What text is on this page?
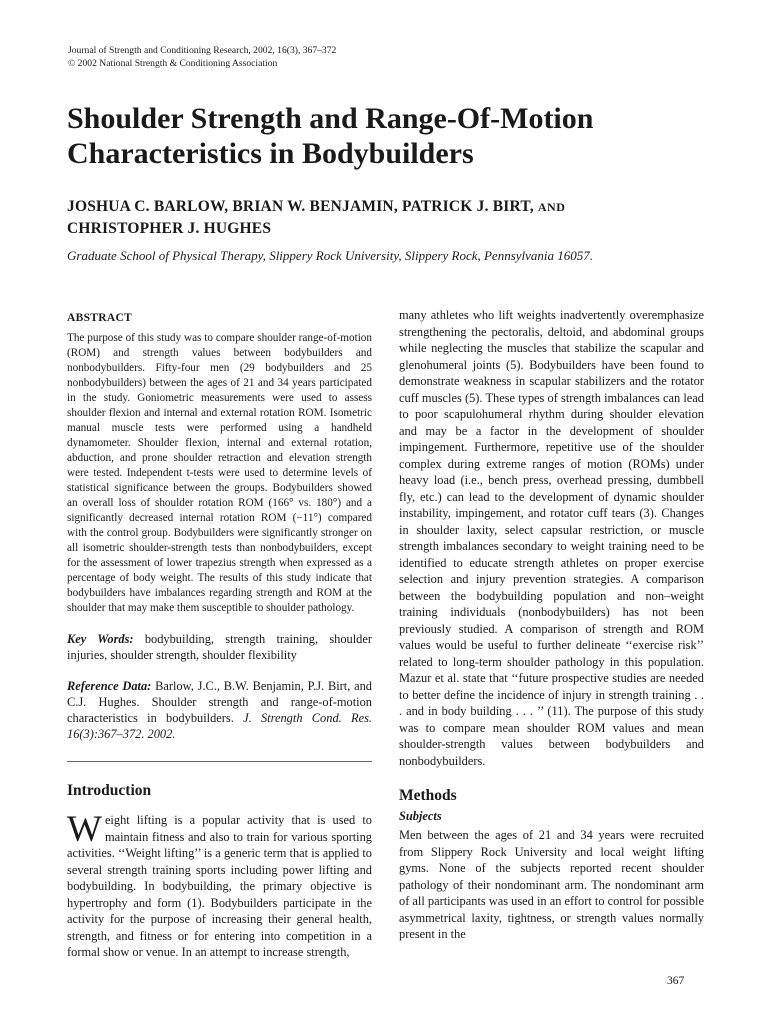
Journal of Strength and Conditioning Research, 2002, 16(3), 367–372
© 2002 National Strength & Conditioning Association
Shoulder Strength and Range-Of-Motion
Characteristics in Bodybuilders
JOSHUA C. BARLOW, BRIAN W. BENJAMIN, PATRICK J. BIRT, AND
CHRISTOPHER J. HUGHES
Graduate School of Physical Therapy, Slippery Rock University, Slippery Rock, Pennsylvania 16057.
ABSTRACT
The purpose of this study was to compare shoulder range-of-motion (ROM) and strength values between bodybuilders and nonbodybuilders. Fifty-four men (29 bodybuilders and 25 nonbodybuilders) between the ages of 21 and 34 years participated in the study. Goniometric measurements were used to assess shoulder flexion and internal and external rotation ROM. Isometric manual muscle tests were performed using a handheld dynamometer. Shoulder flexion, internal and external rotation, abduction, and prone shoulder retraction and elevation strength were tested. Independent t-tests were used to determine levels of statistical significance between the groups. Bodybuilders showed an overall loss of shoulder rotation ROM (166° vs. 180°) and a significantly decreased internal rotation ROM (−11°) compared with the control group. Bodybuilders were significantly stronger on all isometric shoulder-strength tests than nonbodybuilders, except for the assessment of lower trapezius strength when expressed as a percentage of body weight. The results of this study indicate that bodybuilders have imbalances regarding strength and ROM at the shoulder that may make them susceptible to shoulder pathology.
Key Words: bodybuilding, strength training, shoulder injuries, shoulder strength, shoulder flexibility
Reference Data: Barlow, J.C., B.W. Benjamin, P.J. Birt, and C.J. Hughes. Shoulder strength and range-of-motion characteristics in bodybuilders. J. Strength Cond. Res. 16(3):367–372. 2002.
Introduction
Weight lifting is a popular activity that is used to maintain fitness and also to train for various sporting activities. ‘‘Weight lifting’’ is a generic term that is applied to several strength training sports including power lifting and bodybuilding. In bodybuilding, the primary objective is hypertrophy and form (1). Bodybuilders participate in the activity for the purpose of increasing their general health, strength, and fitness or for entering into competition in a formal show or venue. In an attempt to increase strength,
many athletes who lift weights inadvertently overemphasize strengthening the pectoralis, deltoid, and abdominal groups while neglecting the muscles that stabilize the scapular and glenohumeral joints (5). Bodybuilders have been found to demonstrate weakness in scapular stabilizers and the rotator cuff muscles (5). These types of strength imbalances can lead to poor scapulohumeral rhythm during shoulder elevation and may be a factor in the development of shoulder impingement. Furthermore, repetitive use of the shoulder complex during extreme ranges of motion (ROMs) under heavy load (i.e., bench press, overhead pressing, dumbbell fly, etc.) can lead to the development of dynamic shoulder instability, impingement, and rotator cuff tears (3). Changes in shoulder laxity, select capsular restriction, or muscle strength imbalances secondary to weight training need to be identified to educate strength athletes on proper exercise selection and injury prevention strategies. A comparison between the bodybuilding population and non–weight training individuals (nonbodybuilders) has not been previously studied. A comparison of strength and ROM values would be useful to further delineate ‘‘exercise risk’’ related to long-term shoulder pathology in this population. Mazur et al. state that ‘‘future prospective studies are needed to better define the incidence of injury in strength training . . . and in body building . . . ’’ (11). The purpose of this study was to compare mean shoulder ROM values and mean shoulder-strength values between bodybuilders and nonbodybuilders.
Methods
Subjects
Men between the ages of 21 and 34 years were recruited from Slippery Rock University and local weight lifting gyms. None of the subjects reported recent shoulder pathology of their nondominant arm. The nondominant arm of all participants was used in an effort to control for possible asymmetrical laxity, tightness, or strength values normally present in the
367
